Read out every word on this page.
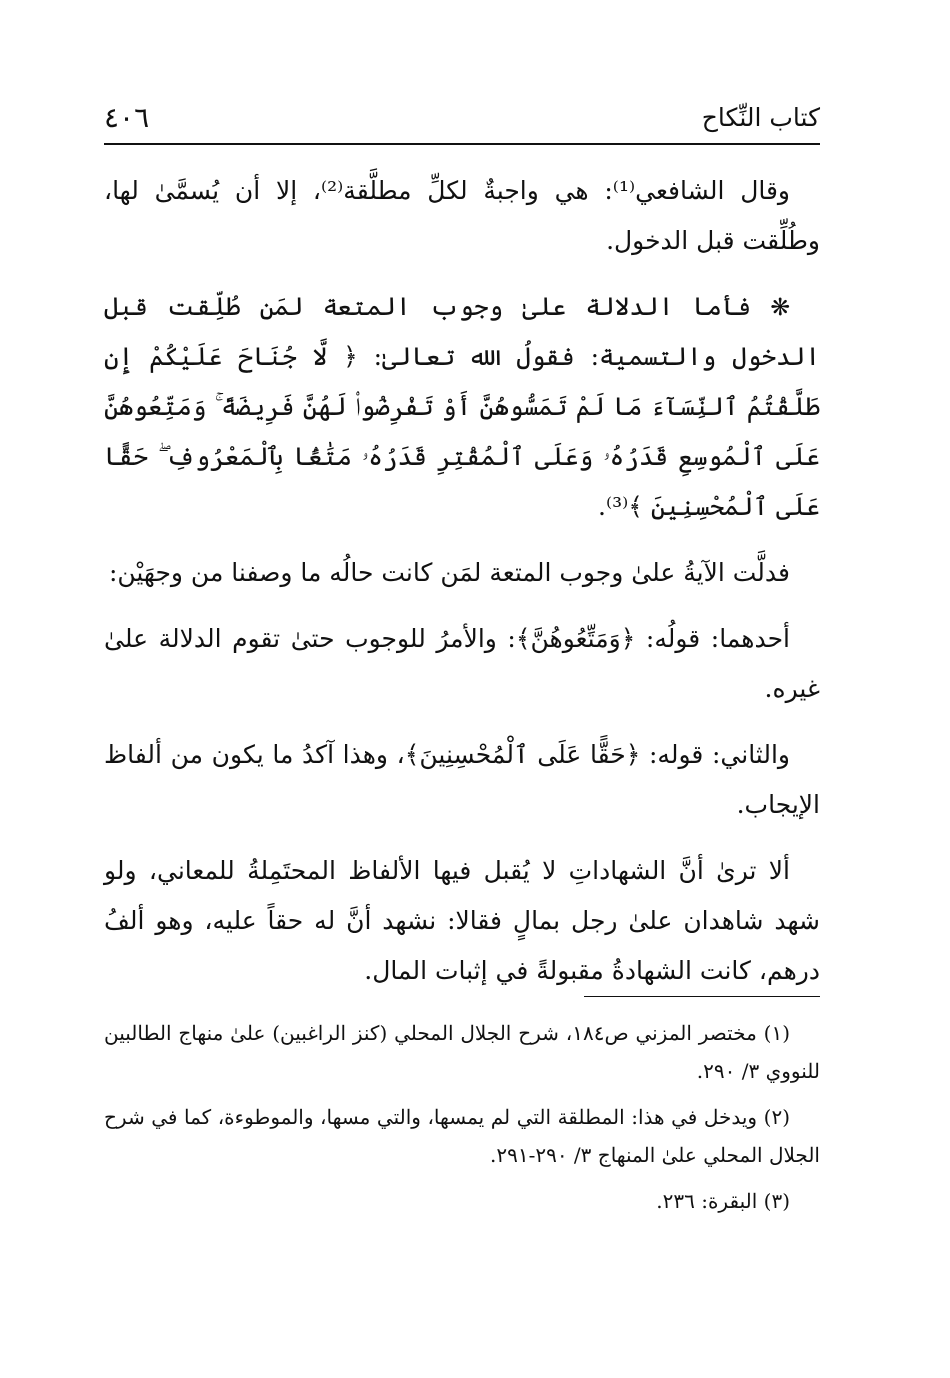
كتاب النِّكاح
٤٠٦

وقال الشافعي⁽¹⁾: هي واجبةٌ لكلِّ مطلَّقة⁽²⁾، إلا أن يُسمَّىٰ لها، وطُلِّقت قبل الدخول.

❋ فأما الدلالة علىٰ وجوب المتعة لمَن طُلِّقت قبل الدخول والتسمية: فقولُ الله تعالىٰ: ﴿ لَّا جُنَاحَ عَلَيْكُمْ إِن طَلَّقْتُمُ ٱلنِّسَآءَ مَا لَمْ تَمَسُّوهُنَّ أَوْ تَفْرِضُوا۟ لَهُنَّ فَرِيضَةً ۚ وَمَتِّعُوهُنَّ عَلَى ٱلْمُوسِعِ قَدَرُهُۥ وَعَلَى ٱلْمُقْتِرِ قَدَرُهُۥ مَتَٰعًۢا بِٱلْمَعْرُوفِ ۖ حَقًّا عَلَى ٱلْمُحْسِنِينَ ﴾⁽³⁾.

فدلَّت الآيةُ علىٰ وجوب المتعة لمَن كانت حالُه ما وصفنا من وجهَيْن:

أحدهما: قولُه: ﴿وَمَتِّعُوهُنَّ﴾: والأمرُ للوجوب حتىٰ تقوم الدلالة علىٰ غيره.

والثاني: قوله: ﴿حَقًّا عَلَى ٱلْمُحْسِنِينَ﴾، وهذا آكدُ ما يكون من ألفاظ الإيجاب.

ألا ترىٰ أنَّ الشهاداتِ لا يُقبل فيها الألفاظ المحتَمِلةُ للمعاني، ولو شهد شاهدان علىٰ رجل بمالٍ فقالا: نشهد أنَّ له حقاً عليه، وهو ألفُ درهم، كانت الشهادةُ مقبولةً في إثبات المال.

(١) مختصر المزني ص١٨٤، شرح الجلال المحلي (كنز الراغبين) علىٰ منهاج الطالبين للنووي ٣/ ٢٩٠.

(٢) ويدخل في هذا: المطلقة التي لم يمسها، والتي مسها، والموطوءة، كما في شرح الجلال المحلي علىٰ المنهاج ٣/ ٢٩٠-٢٩١.

(٣) البقرة: ٢٣٦.
